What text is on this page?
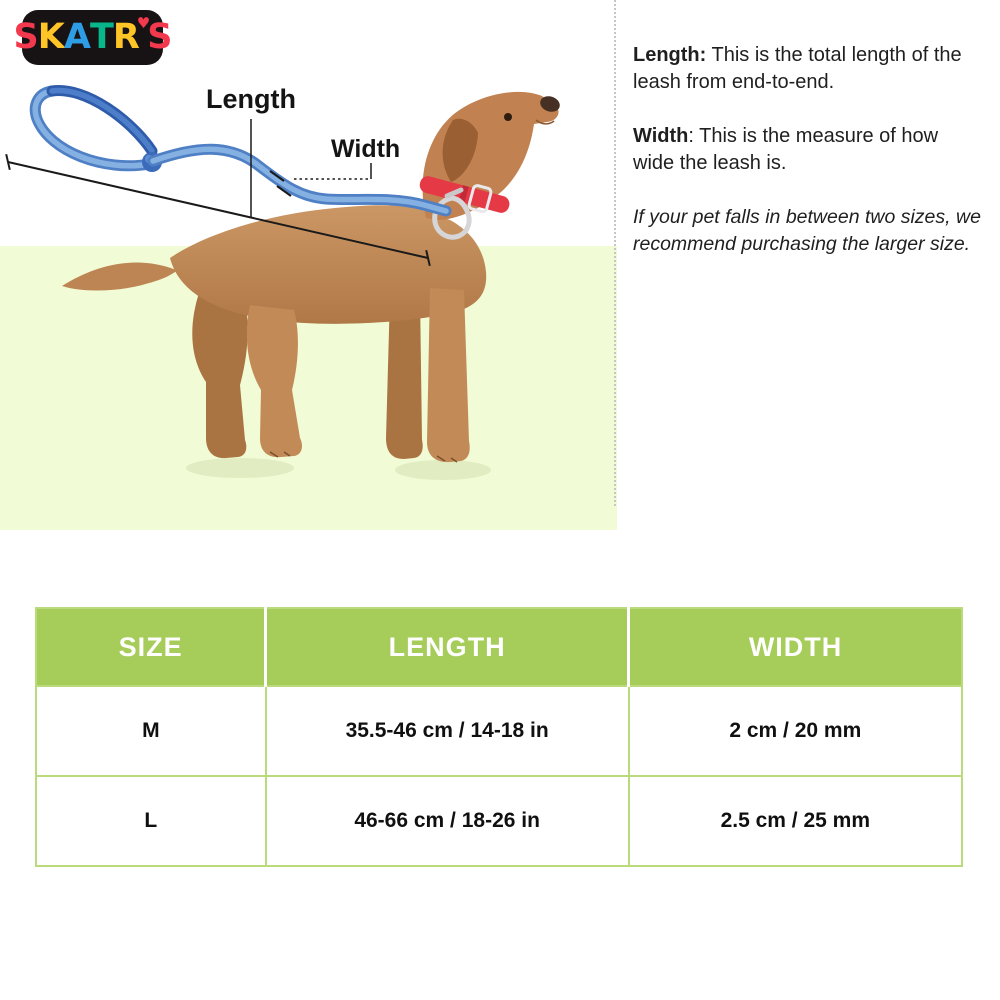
S K A T R
♥
S
Length
Width

Length: This is the total length of the leash from end-to-end.

Width: This is the measure of how wide the leash is.

If your pet falls in between two sizes, we recommend purchasing the larger size.

SIZE	LENGTH	WIDTH
M	35.5-46 cm / 14-18 in	2 cm / 20 mm
L	46-66 cm / 18-26 in	2.5 cm / 25 mm
